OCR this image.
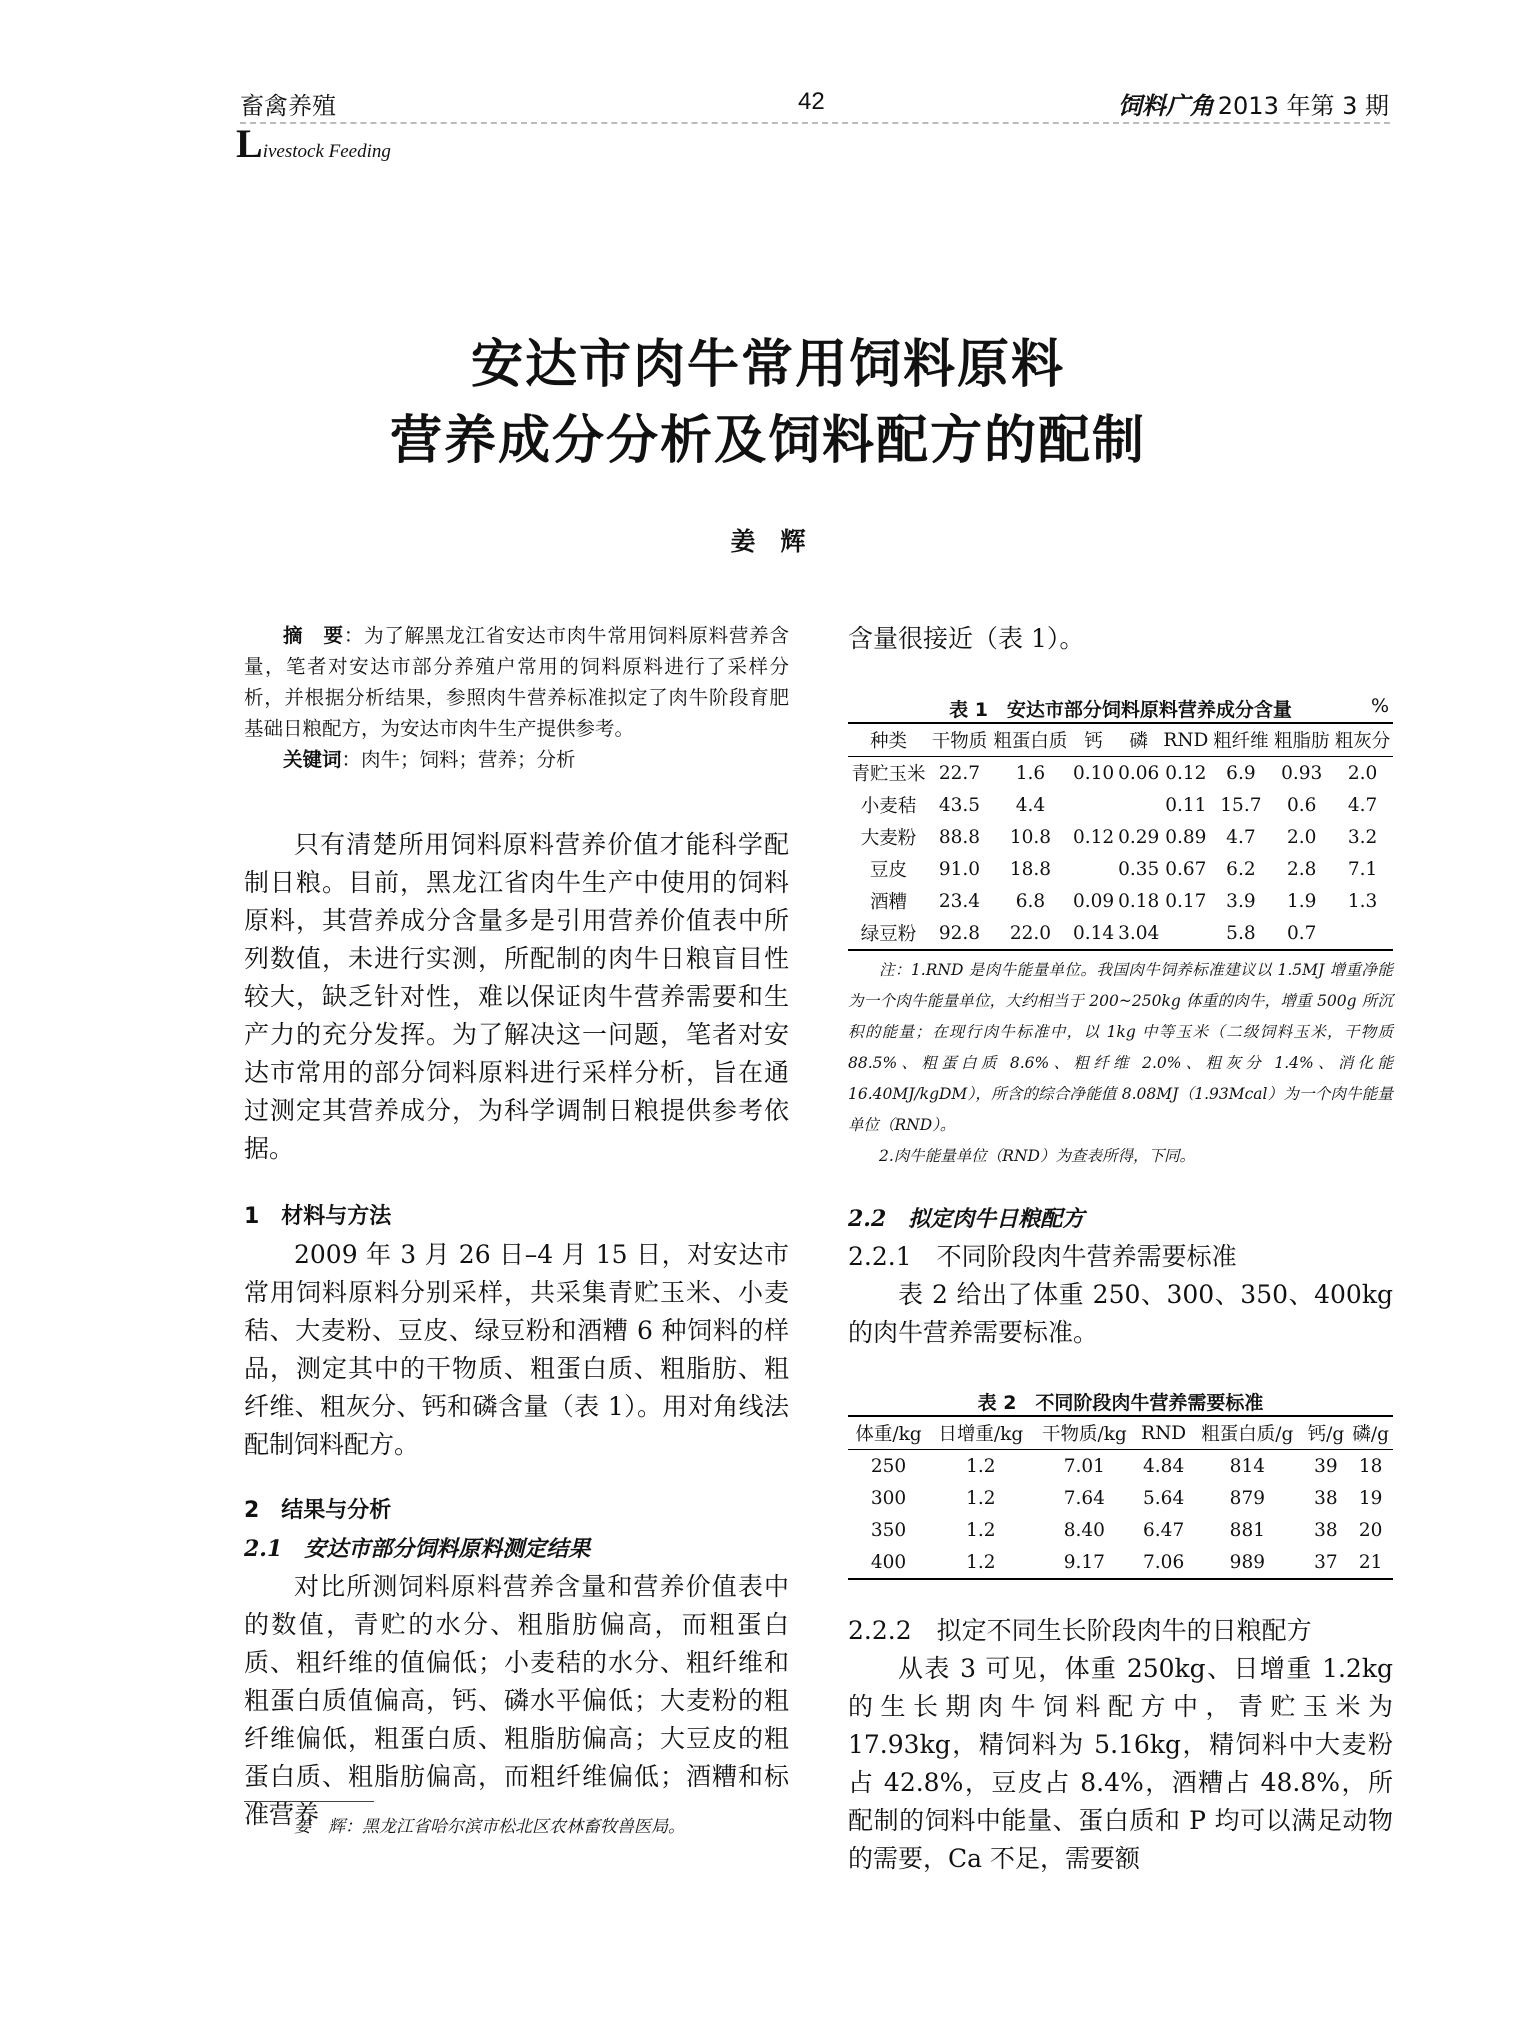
畜禽养殖
Livestock Feeding
42	饲料广角 2013 年第 3 期
安达市肉牛常用饲料原料
营养成分分析及饲料配方的配制
姜　辉

摘　要：为了解黑龙江省安达市肉牛常用饲料原料营养含量，笔者对安达市部分养殖户常用的饲料原料进行了采样分析，并根据分析结果，参照肉牛营养标准拟定了肉牛阶段育肥基础日粮配方，为安达市肉牛生产提供参考。

关键词：肉牛；饲料；营养；分析

只有清楚所用饲料原料营养价值才能科学配制日粮。目前，黑龙江省肉牛生产中使用的饲料原料，其营养成分含量多是引用营养价值表中所列数值，未进行实测，所配制的肉牛日粮盲目性较大，缺乏针对性，难以保证肉牛营养需要和生产力的充分发挥。为了解决这一问题，笔者对安达市常用的部分饲料原料进行采样分析，旨在通过测定其营养成分，为科学调制日粮提供参考依据。

1　材料与方法

2009 年 3 月 26 日–4 月 15 日，对安达市常用饲料原料分别采样，共采集青贮玉米、小麦秸、大麦粉、豆皮、绿豆粉和酒糟 6 种饲料的样品，测定其中的干物质、粗蛋白质、粗脂肪、粗纤维、粗灰分、钙和磷含量（表 1）。用对角线法配制饲料配方。

2　结果与分析
2.1　安达市部分饲料原料测定结果

对比所测饲料原料营养含量和营养价值表中的数值，青贮的水分、粗脂肪偏高，而粗蛋白质、粗纤维的值偏低；小麦秸的水分、粗纤维和粗蛋白质值偏高，钙、磷水平偏低；大麦粉的粗纤维偏低，粗蛋白质、粗脂肪偏高；大豆皮的粗蛋白质、粗脂肪偏高，而粗纤维偏低；酒糟和标准营养

姜　辉：黑龙江省哈尔滨市松北区农林畜牧兽医局。
含量很接近（表 1）。
表 1　安达市部分饲料原料营养成分含量	%
种类	干物质	粗蛋白质	钙	磷	RND	粗纤维	粗脂肪	粗灰分
青贮玉米	22.7	1.6	0.10	0.06	0.12	6.9	0.93	2.0
小麦秸	43.5	4.4			0.11	15.7	0.6	4.7
大麦粉	88.8	10.8	0.12	0.29	0.89	4.7	2.0	3.2
豆皮	91.0	18.8		0.35	0.67	6.2	2.8	7.1
酒糟	23.4	6.8	0.09	0.18	0.17	3.9	1.9	1.3
绿豆粉	92.8	22.0	0.14	3.04		5.8	0.7	
注：1.RND 是肉牛能量单位。我国肉牛饲养标准建议以 1.5MJ 增重净能为一个肉牛能量单位，大约相当于 200~250kg 体重的肉牛，增重 500g 所沉积的能量；在现行肉牛标准中，以 1kg 中等玉米（二级饲料玉米，干物质 88.5%、粗蛋白质 8.6%、粗纤维 2.0%、粗灰分 1.4%、消化能 16.40MJ/kgDM），所含的综合净能值 8.08MJ（1.93Mcal）为一个肉牛能量单位（RND）。
2.肉牛能量单位（RND）为查表所得，下同。
2.2　拟定肉牛日粮配方
2.2.1　不同阶段肉牛营养需要标准

表 2 给出了体重 250、300、350、400kg 的肉牛营养需要标准。

表 2　不同阶段肉牛营养需要标准
体重/kg	日增重/kg	干物质/kg	RND	粗蛋白质/g	钙/g	磷/g
250	1.2	7.01	4.84	814	39	18
300	1.2	7.64	5.64	879	38	19
350	1.2	8.40	6.47	881	38	20
400	1.2	9.17	7.06	989	37	21
2.2.2　拟定不同生长阶段肉牛的日粮配方

从表 3 可见，体重 250kg、日增重 1.2kg 的生长期肉牛饲料配方中，青贮玉米为 17.93kg，精饲料为 5.16kg，精饲料中大麦粉占 42.8%，豆皮占 8.4%，酒糟占 48.8%，所配制的饲料中能量、蛋白质和 P 均可以满足动物的需要，Ca 不足，需要额
